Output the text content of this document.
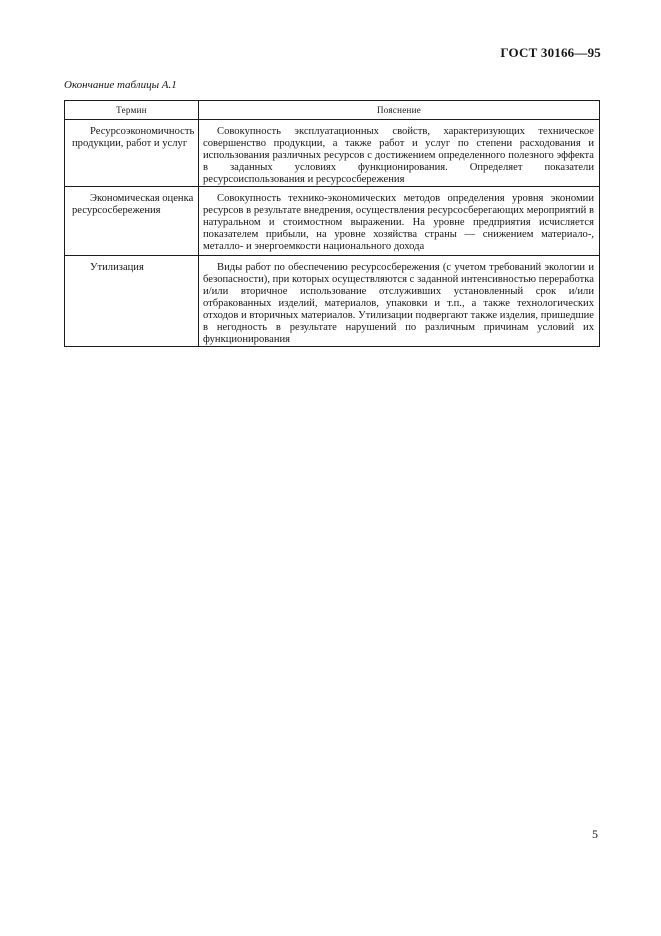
ГОСТ 30166—95
Окончание таблицы А.1
Термин	Пояснение

Ресурсоэкономичность продукции, работ и услуг	Совокупность эксплуатационных свойств, характеризующих техническое совершенство продукции, а также работ и услуг по степени расходования и использования различных ресурсов с достижением определенного полезного эффекта в заданных условиях функционирования. Определяет показатели ресурсоиспользования и ресурсосбережения

Экономическая оценка ресурсосбережения	Совокупность технико-экономических методов определения уровня экономии ресурсов в результате внедрения, осуществления ресурсосберегающих мероприятий в натуральном и стоимостном выражении. На уровне предприятия исчисляется показателем прибыли, на уровне хозяйства страны — снижением материало-, металло- и энергоемкости национального дохода

Утилизация	Виды работ по обеспечению ресурсосбережения (с учетом требований экологии и безопасности), при которых осуществляются с заданной интенсивностью переработка и/или вторичное использование отслуживших установленный срок и/или отбракованных изделий, материалов, упаковки и т.п., а также технологических отходов и вторичных материалов. Утилизации подвергают также изделия, пришедшие в негодность в результате нарушений по различным причинам условий их функционирования
5
